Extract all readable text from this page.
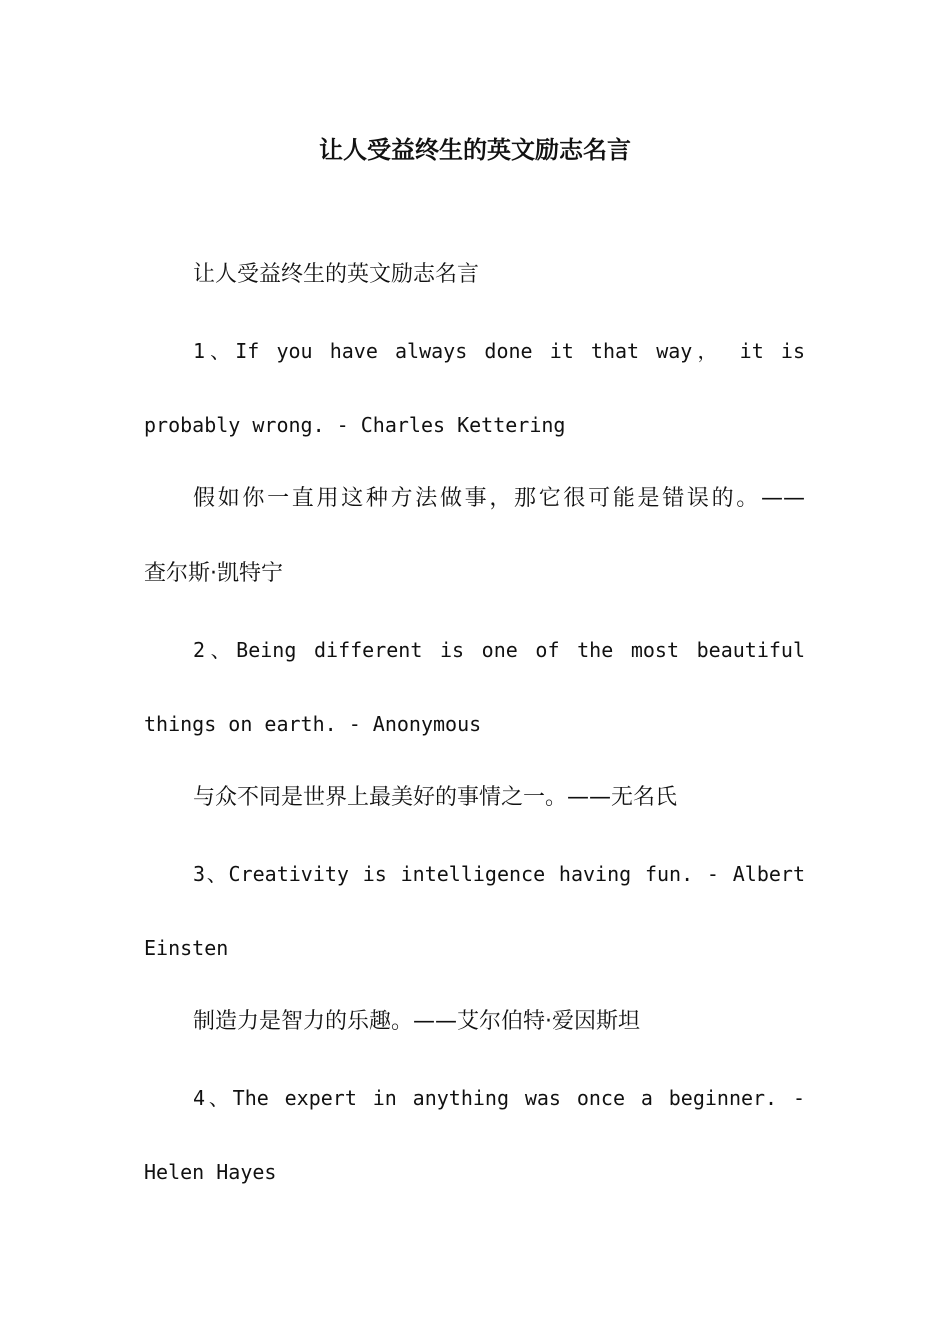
让人受益终生的英文励志名言
让人受益终生的英文励志名言
1、If you have always done it that way， it is
probably wrong. - Charles Kettering
假如你一直用这种方法做事，那它很可能是错误的。——
查尔斯·凯特宁
2、Being different is one of the most beautiful
things on earth. - Anonymous
与众不同是世界上最美好的事情之一。——无名氏
3、Creativity is intelligence having fun. - Albert
Einsten
制造力是智力的乐趣。——艾尔伯特·爱因斯坦
4、The expert in anything was once a beginner. -
Helen Hayes
